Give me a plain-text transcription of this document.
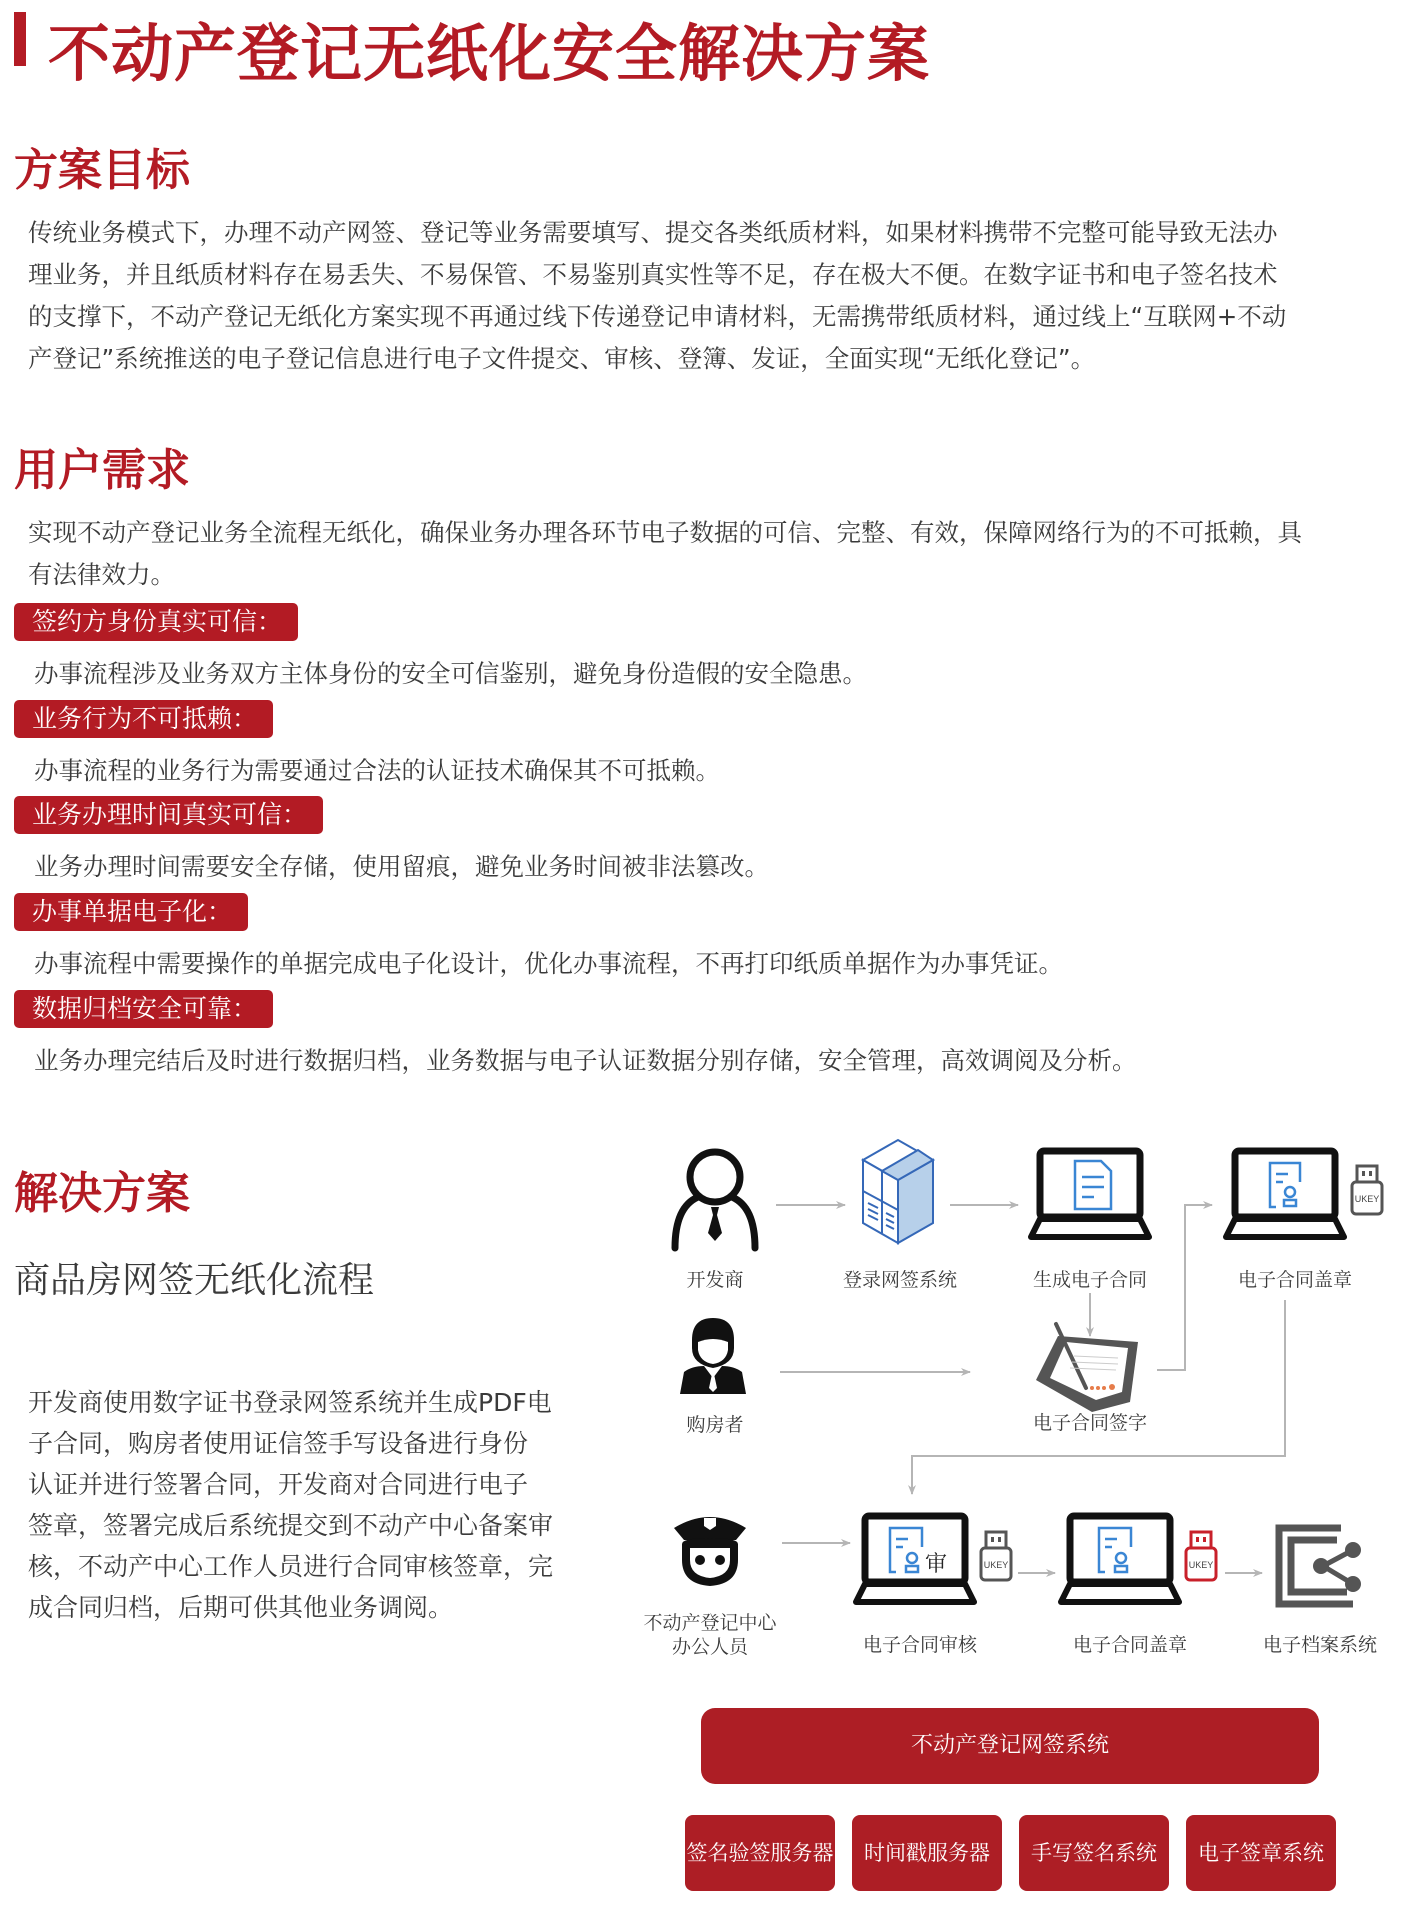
不动产登记无纸化安全解决方案
方案目标
传统业务模式下，办理不动产网签、登记等业务需要填写、提交各类纸质材料，如果材料携带不完整可能导致无法办
理业务，并且纸质材料存在易丢失、不易保管、不易鉴别真实性等不足，存在极大不便。在数字证书和电子签名技术
的支撑下，不动产登记无纸化方案实现不再通过线下传递登记申请材料，无需携带纸质材料，通过线上“互联网+不动
产登记”系统推送的电子登记信息进行电子文件提交、审核、登簿、发证，全面实现“无纸化登记”。
用户需求
实现不动产登记业务全流程无纸化，确保业务办理各环节电子数据的可信、完整、有效，保障网络行为的不可抵赖，具
有法律效力。
签约方身份真实可信：
办事流程涉及业务双方主体身份的安全可信鉴别，避免身份造假的安全隐患。
业务行为不可抵赖：
办事流程的业务行为需要通过合法的认证技术确保其不可抵赖。
业务办理时间真实可信：
业务办理时间需要安全存储，使用留痕，避免业务时间被非法篡改。
办事单据电子化：
办事流程中需要操作的单据完成电子化设计，优化办事流程，不再打印纸质单据作为办事凭证。
数据归档安全可靠：
业务办理完结后及时进行数据归档，业务数据与电子认证数据分别存储，安全管理，高效调阅及分析。
解决方案
商品房网签无纸化流程
开发商使用数字证书登录网签系统并生成PDF电
子合同，购房者使用证信签手写设备进行身份
认证并进行签署合同，开发商对合同进行电子
签章，签署完成后系统提交到不动产中心备案审
核，不动产中心工作人员进行合同审核签章，完
成合同归档，后期可供其他业务调阅。
开发商	登录网签系统	生成电子合同
UKEY
电子合同盖章
购房者	电子合同签字
不动产登记中心
办公人员
审	UKEY
电子合同审核
UKEY
电子合同盖章	电子档案系统
不动产登记网签系统
签名验签服务器	时间戳服务器	手写签名系统	电子签章系统
